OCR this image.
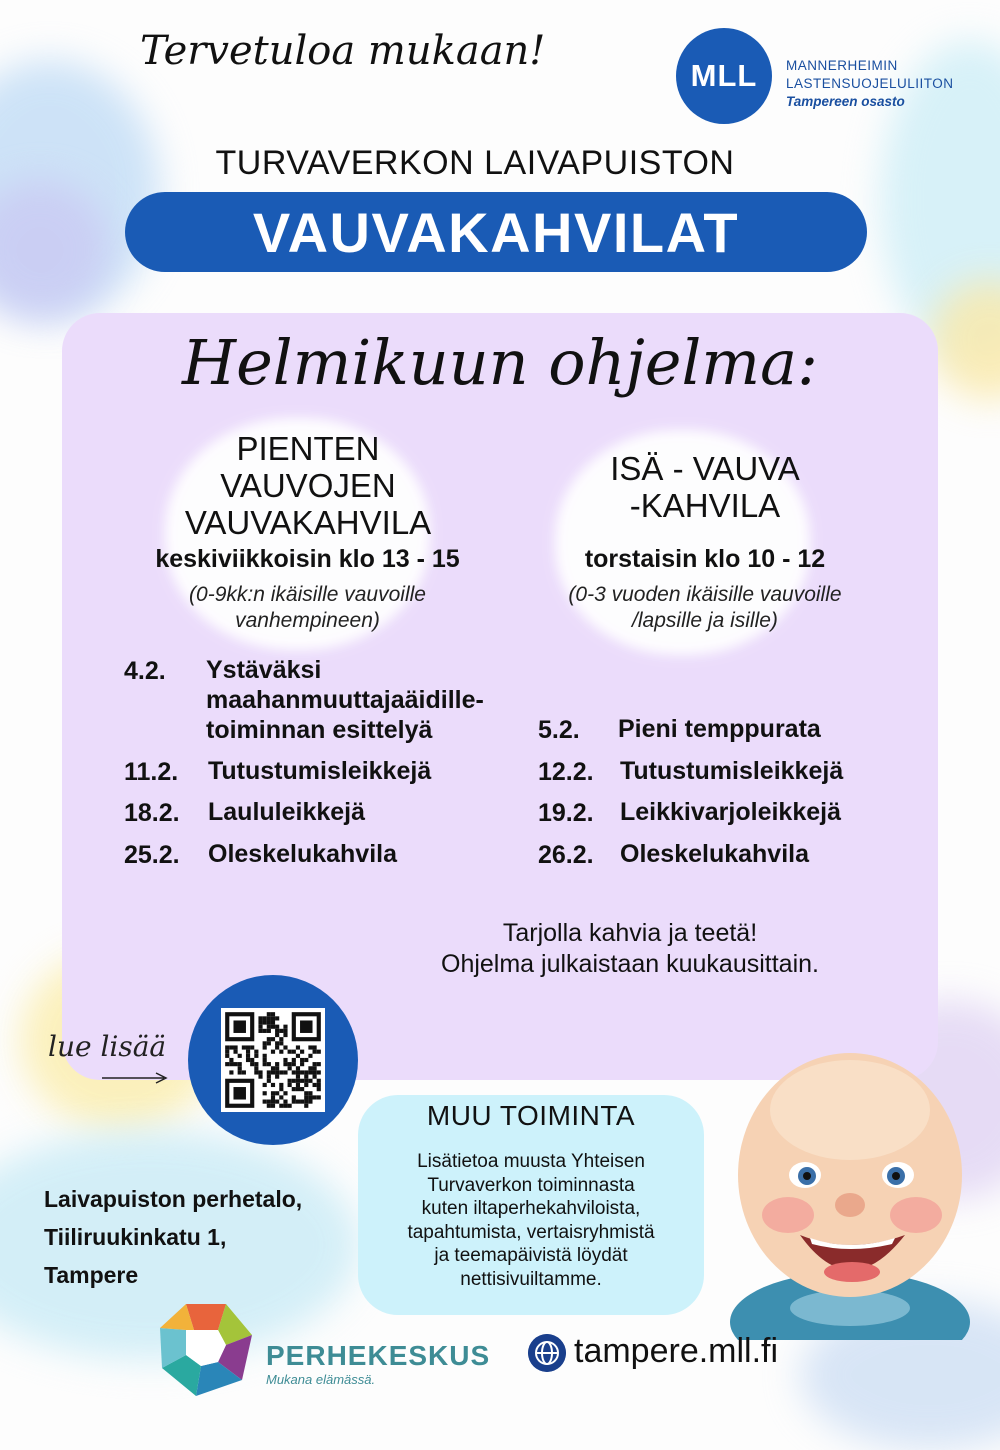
Tervetuloa mukaan!
MLL	MANNERHEIMIN
LASTENSUOJELULIITON
Tampereen osasto
TURVAVERKON LAIVAPUISTON
VAUVAKAHVILAT
Helmikuun ohjelma:
PIENTEN
VAUVOJEN
VAUVAKAHVILA
keskiviikkoisin klo 13 - 15
(0-9kk:n ikäisille vauvoille
vanhempineen)
4.2. Ystäväksi
maahanmuuttajaäidille-
toiminnan esittelyä
11.2. Tutustumisleikkejä
18.2. Laululeikkejä
25.2. Oleskelukahvila
ISÄ - VAUVA
-KAHVILA
torstaisin klo 10 - 12
(0-3 vuoden ikäisille vauvoille
/lapsille ja isille)
5.2. Pieni temppurata
12.2. Tutustumisleikkejä
19.2. Leikkivarjoleikkejä
26.2. Oleskelukahvila
Tarjolla kahvia ja teetä!
Ohjelma julkaistaan kuukausittain.
lue lisää
MUU TOIMINTA
Lisätietoa muusta Yhteisen
Turvaverkon toiminnasta
kuten iltaperhekahviloista,
tapahtumista, vertaisryhmistä
ja teemapäivistä löydät
nettisivuiltamme.
Laivapuiston perhetalo,
Tiiliruukinkatu 1,
Tampere
PERHEKESKUS
Mukana elämässä.
tampere.mll.fi
